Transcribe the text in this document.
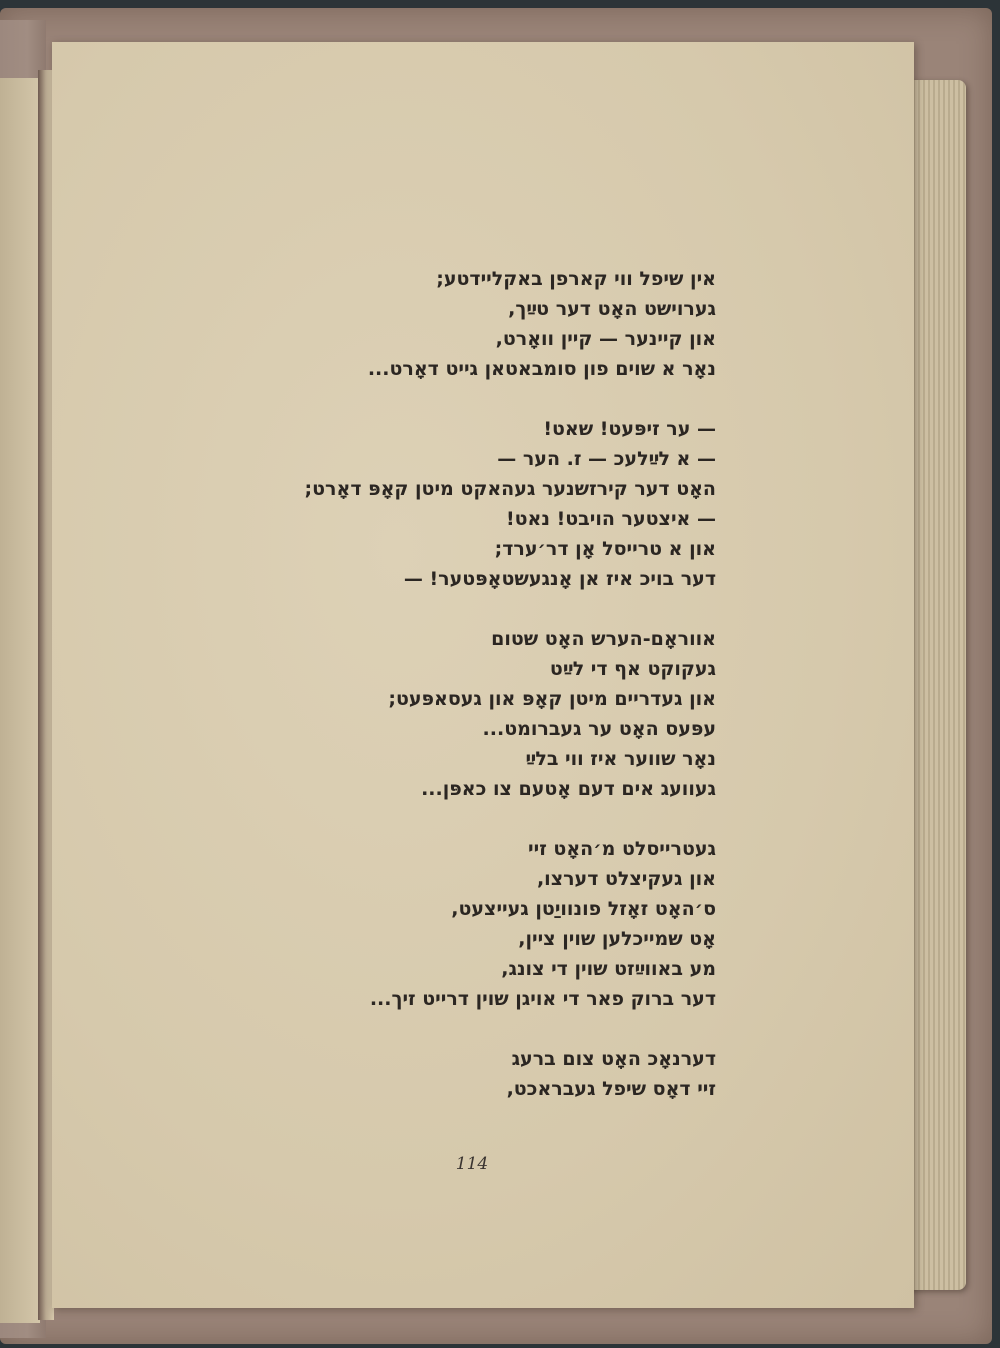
אין שיפל ווי קארפן באקליידטע;
גערוישט האָט דער טײַך,
און קיינער — קיין וואָרט,
נאָר א שוים פון סומבאטאן גייט דאָרט...
— ער זיפּעט! שאט!
— א לײַלעכ — ז. הער —
האָט דער קירזשנער געהאקט מיטן קאָפּ דאָרט;
— איצטער הויבט! נאט!
און א טרייסל אָן דר׳ערד;
דער בויכ איז אן אָנגעשטאָפּטער! —
אווראָם-הערש האָט שטום
געקוקט אף די לײַט
און געדריים מיטן קאָפּ און געסאפּעט;
עפּעס האָט ער געברומט...
נאָר שווער איז ווי בלײַ
געוועג אים דעם אָטעם צו כאפּן...
געטרייסלט מ׳האָט זיי
און געקיצלט דערצו,
ס׳האָט זאָזל פונוויַטן געייצעט,
אָט שמייכלען שוין ציין,
מע באווײַזט שוין די צונג,
דער ברוק פאר די אויגן שוין דרייט זיך...
דערנאָכ האָט צום ברעג
זיי דאָס שיפל געבראכט,
114
